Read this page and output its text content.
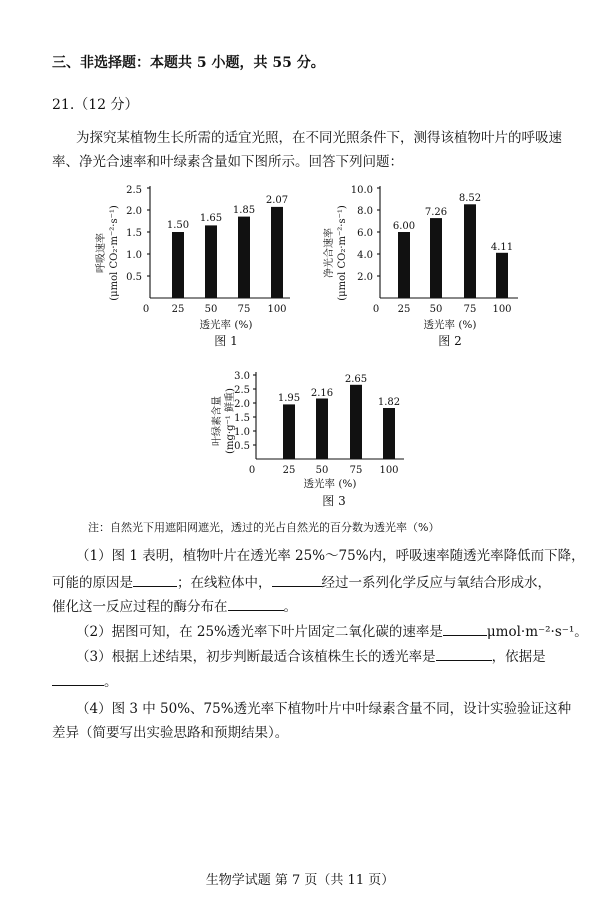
三、非选择题：本题共 5 小题，共 55 分。
21.（12 分）
为探究某植物生长所需的适宜光照，在不同光照条件下，测得该植物叶片的呼吸速
率、净光合速率和叶绿素含量如下图所示。回答下列问题：
呼吸速率 (μmol CO₂·m⁻²·s⁻¹) 0.5
1.0
1.5
2.0
2.5
1.50
1.65
1.85
2.07
0 25 50 75 100
透光率 (%)
图 1
净光合速率 (μmol CO₂·m⁻²·s⁻¹) 2.0
4.0
6.0
8.0
10.0
6.00
7.26
8.52
4.11
0 25 50 75 100
透光率 (%)
图 2
叶绿素含量 (mg·g⁻¹ 鲜重)
0.5
1.0
1.5
2.0
2.5
3.0
1.95 2.16
2.65
1.82
0	25 50 75 100
透光率 (%)
图 3
注：自然光下用遮阳网遮光，透过的光占自然光的百分数为透光率（%）
（1）图 1 表明，植物叶片在透光率 25%～75%内，呼吸速率随透光率降低而下降，
可能的原因是	；在线粒体中，	经过一系列化学反应与氧结合形成水，
催化这一反应过程的酶分布在	。
（2）据图可知，在 25%透光率下叶片固定二氧化碳的速率是	μmol·m⁻²·s⁻¹。
（3）根据上述结果，初步判断最适合该植株生长的透光率是	，依据是
。
（4）图 3 中 50%、75%透光率下植物叶片中叶绿素含量不同，设计实验验证这种
差异（简要写出实验思路和预期结果）。
生物学试题 第 7 页（共 11 页）
